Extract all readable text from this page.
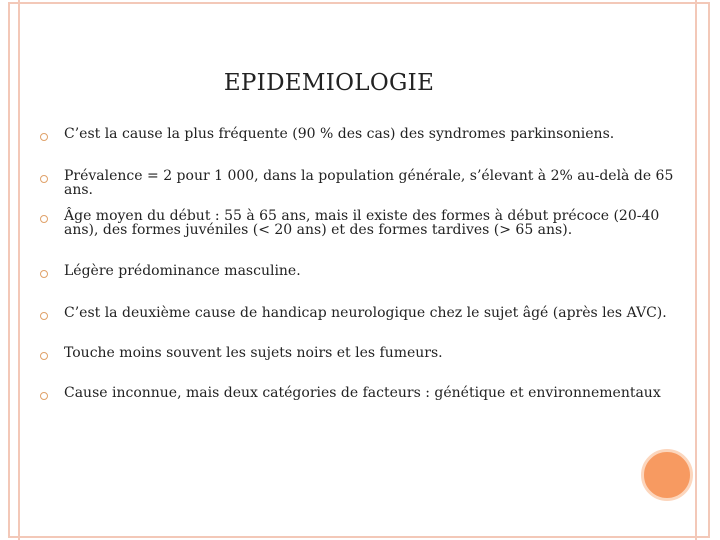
EPIDEMIOLOGIE
C’est la cause la plus fréquente (90 % des cas) des syndromes parkinsoniens.
Prévalence = 2 pour 1 000, dans la population générale, s’élevant à 2% au-delà de 65 ans.
Âge moyen du début : 55 à 65 ans, mais il existe des formes à début précoce (20-40 ans), des formes juvéniles (< 20 ans) et des formes tardives (> 65 ans).
Légère prédominance masculine.
C’est la deuxième cause de handicap neurologique chez le sujet âgé (après les AVC).
Touche moins souvent les sujets noirs et les fumeurs.
Cause inconnue, mais deux catégories de facteurs : génétique et environnementaux
